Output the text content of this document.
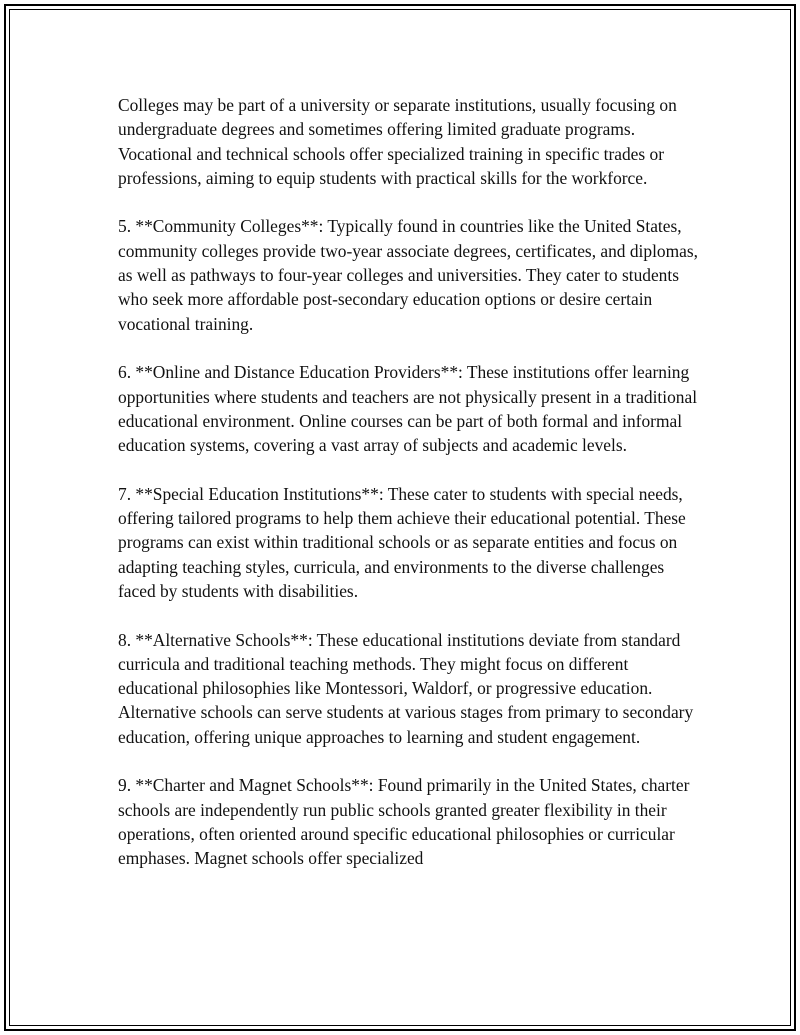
Colleges may be part of a university or separate institutions, usually focusing on undergraduate degrees and sometimes offering limited graduate programs. Vocational and technical schools offer specialized training in specific trades or professions, aiming to equip students with practical skills for the workforce.

5. **Community Colleges**: Typically found in countries like the United States, community colleges provide two-year associate degrees, certificates, and diplomas, as well as pathways to four-year colleges and universities. They cater to students who seek more affordable post-secondary education options or desire certain vocational training.

6. **Online and Distance Education Providers**: These institutions offer learning opportunities where students and teachers are not physically present in a traditional educational environment. Online courses can be part of both formal and informal education systems, covering a vast array of subjects and academic levels.

7. **Special Education Institutions**: These cater to students with special needs, offering tailored programs to help them achieve their educational potential. These programs can exist within traditional schools or as separate entities and focus on adapting teaching styles, curricula, and environments to the diverse challenges faced by students with disabilities.

8. **Alternative Schools**: These educational institutions deviate from standard curricula and traditional teaching methods. They might focus on different educational philosophies like Montessori, Waldorf, or progressive education. Alternative schools can serve students at various stages from primary to secondary education, offering unique approaches to learning and student engagement.

9. **Charter and Magnet Schools**: Found primarily in the United States, charter schools are independently run public schools granted greater flexibility in their operations, often oriented around specific educational philosophies or curricular emphases. Magnet schools offer specialized
